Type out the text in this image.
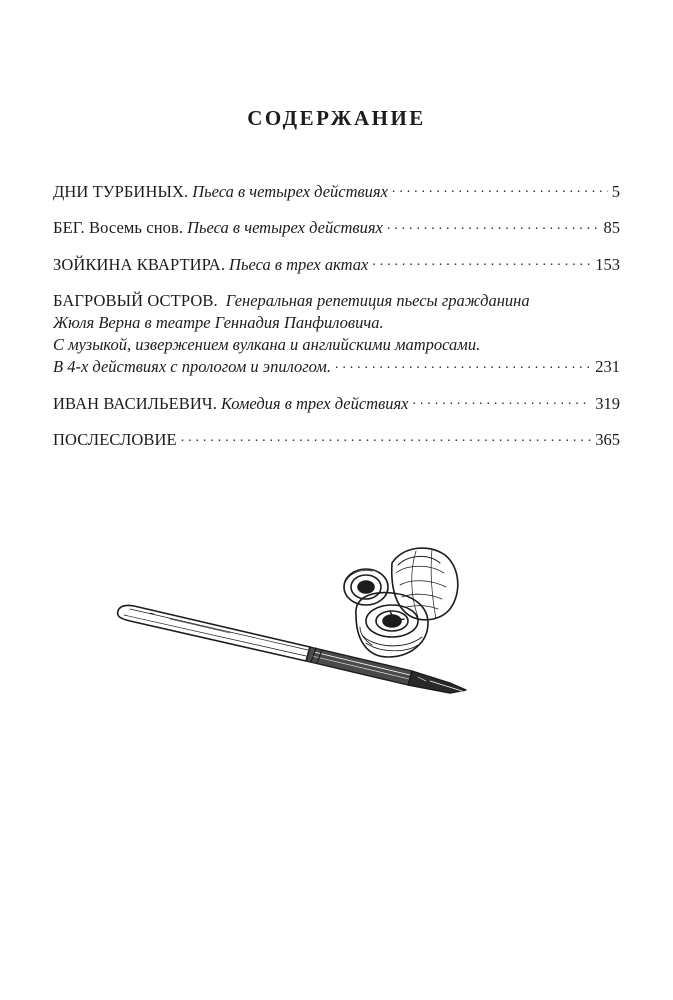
СОДЕРЖАНИЕ
ДНИ ТУРБИНЫХ. Пьеса в четырех действиях . . .	5
БЕГ. Восемь снов. Пьеса в четырех действиях . . .	85
ЗОЙКИНА КВАРТИРА. Пьеса в трех актах . . .	153
БАГРОВЫЙ ОСТРОВ. Генеральная репетиция пьесы гражданина
Жюля Верна в театре Геннадия Панфиловича.
С музыкой, извержением вулкана и английскими матросами.
В 4-х действиях с прологом и эпилогом. . . .	231
ИВАН ВАСИЛЬЕВИЧ. Комедия в трех действиях . . .	319
ПОСЛЕСЛОВИЕ . . .	365
